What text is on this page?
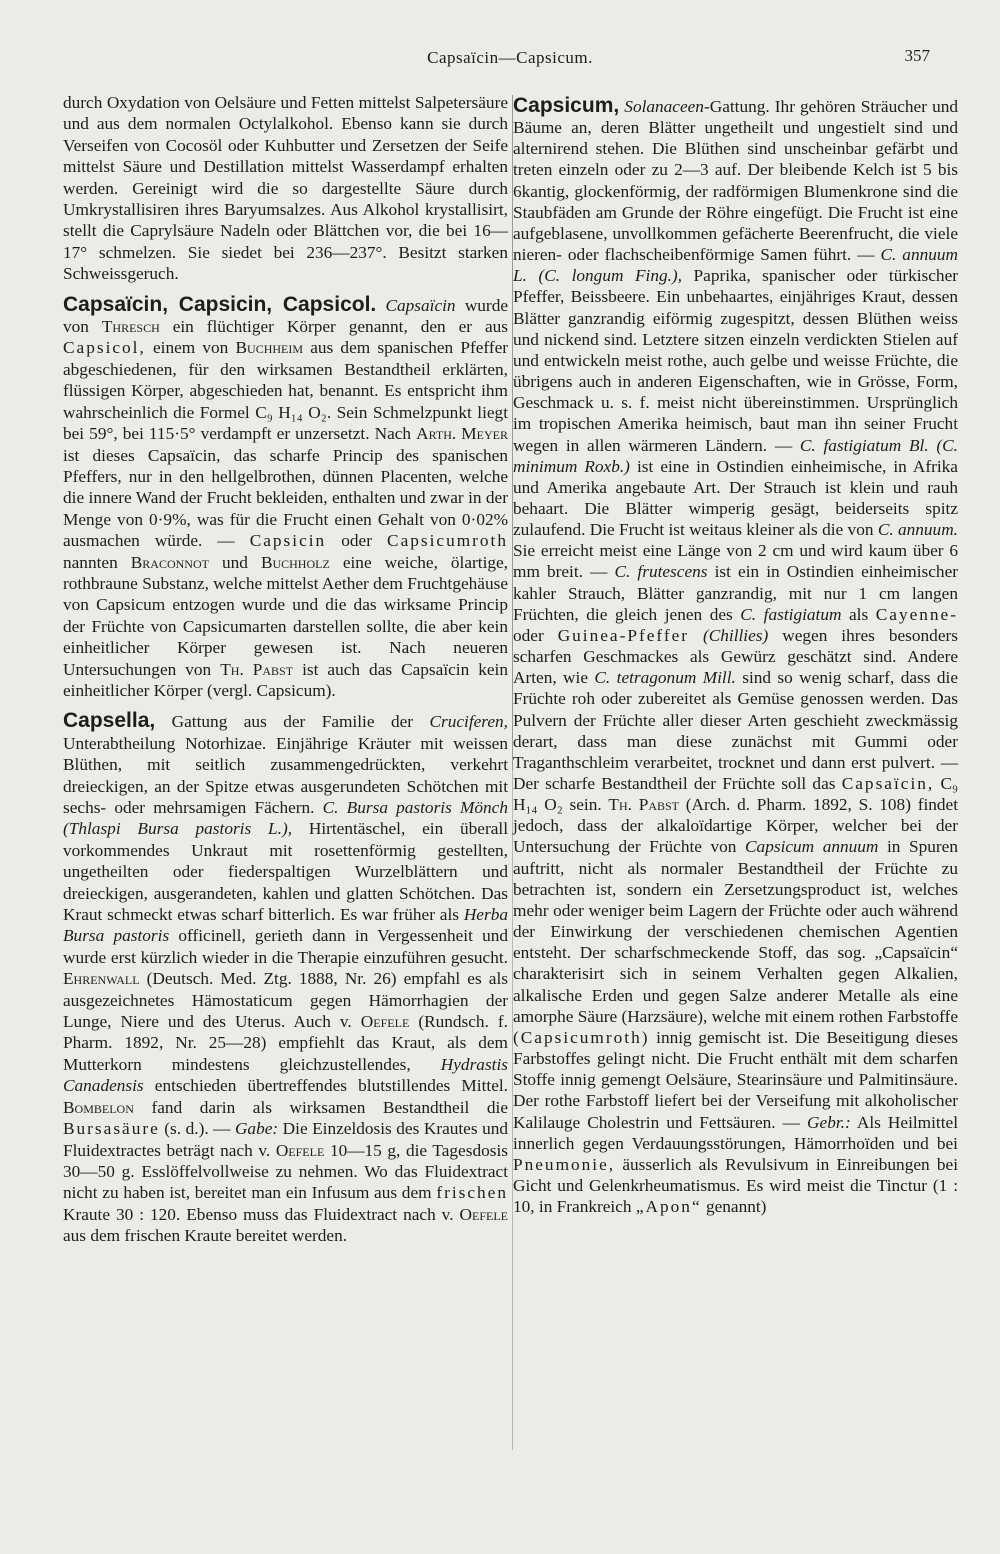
Capsaïcin—Capsicum.	357

durch Oxydation von Oelsäure und Fetten mittelst Salpetersäure und aus dem normalen Octylalkohol. Ebenso kann sie durch Verseifen von Cocosöl oder Kuhbutter und Zersetzen der Seife mittelst Säure und Destillation mittelst Wasserdampf erhalten werden. Gereinigt wird die so dargestellte Säure durch Umkrystallisiren ihres Baryumsalzes. Aus Alkohol krystallisirt, stellt die Caprylsäure Nadeln oder Blättchen vor, die bei 16—17° schmelzen. Sie siedet bei 236—237°. Besitzt starken Schweissgeruch.

Capsaïcin, Capsicin, Capsicol. Capsaïcin wurde von Thresch ein flüchtiger Körper genannt, den er aus Capsicol, einem von Buchheim aus dem spanischen Pfeffer abgeschiedenen, für den wirksamen Bestandtheil erklärten, flüssigen Körper, abgeschieden hat, benannt. Es entspricht ihm wahrscheinlich die Formel C₉ H₁₄ O₂. Sein Schmelzpunkt liegt bei 59°, bei 115·5° verdampft er unzersetzt. Nach Arth. Meyer ist dieses Capsaïcin, das scharfe Princip des spanischen Pfeffers, nur in den hellgelbrothen, dünnen Placenten, welche die innere Wand der Frucht bekleiden, enthalten und zwar in der Menge von 0·9%, was für die Frucht einen Gehalt von 0·02% ausmachen würde. — Capsicin oder Capsicumroth nannten Braconnot und Buchholz eine weiche, ölartige, rothbraune Substanz, welche mittelst Aether dem Fruchtgehäuse von Capsicum entzogen wurde und die das wirksame Princip der Früchte von Capsicumarten darstellen sollte, die aber kein einheitlicher Körper gewesen ist. Nach neueren Untersuchungen von Th. Pabst ist auch das Capsaïcin kein einheitlicher Körper (vergl. Capsicum).

Capsella, Gattung aus der Familie der Cruciferen, Unterabtheilung Notorhizae. Einjährige Kräuter mit weissen Blüthen, mit seitlich zusammengedrückten, verkehrt dreieckigen, an der Spitze etwas ausgerundeten Schötchen mit sechs- oder mehrsamigen Fächern. C. Bursa pastoris Mönch (Thlaspi Bursa pastoris L.), Hirtentäschel, ein überall vorkommendes Unkraut mit rosettenförmig gestellten, ungetheilten oder fiederspaltigen Wurzelblättern und dreieckigen, ausgerandeten, kahlen und glatten Schötchen. Das Kraut schmeckt etwas scharf bitterlich. Es war früher als Herba Bursa pastoris officinell, gerieth dann in Vergessenheit und wurde erst kürzlich wieder in die Therapie einzuführen gesucht. Ehrenwall (Deutsch. Med. Ztg. 1888, Nr. 26) empfahl es als ausgezeichnetes Hämostaticum gegen Hämorrhagien der Lunge, Niere und des Uterus. Auch v. Oefele (Rundsch. f. Pharm. 1892, Nr. 25—28) empfiehlt das Kraut, als dem Mutterkorn mindestens gleichzustellendes, Hydrastis Canadensis entschieden übertreffendes blutstillendes Mittel. Bombelon fand darin als wirksamen Bestandtheil die Bursasäure (s. d.). — Gabe: Die Einzeldosis des Krautes und Fluidextractes beträgt nach v. Oefele 10—15 g, die Tagesdosis 30—50 g. Esslöffelvollweise zu nehmen. Wo das Fluidextract nicht zu haben ist, bereitet man ein Infusum aus dem frischen Kraute 30 : 120. Ebenso muss das Fluidextract nach v. Oefele aus dem frischen Kraute bereitet werden.

Capsicum, Solanaceen-Gattung. Ihr gehören Sträucher und Bäume an, deren Blätter ungetheilt und ungestielt sind und alternirend stehen. Die Blüthen sind unscheinbar gefärbt und treten einzeln oder zu 2—3 auf. Der bleibende Kelch ist 5 bis 6kantig, glockenförmig, der radförmigen Blumenkrone sind die Staubfäden am Grunde der Röhre eingefügt. Die Frucht ist eine aufgeblasene, unvollkommen gefächerte Beerenfrucht, die viele nieren- oder flachscheibenförmige Samen führt. — C. annuum L. (C. longum Fing.), Paprika, spanischer oder türkischer Pfeffer, Beissbeere. Ein unbehaartes, einjähriges Kraut, dessen Blätter ganzrandig eiförmig zugespitzt, dessen Blüthen weiss und nickend sind. Letztere sitzen einzeln verdickten Stielen auf und entwickeln meist rothe, auch gelbe und weisse Früchte, die übrigens auch in anderen Eigenschaften, wie in Grösse, Form, Geschmack u. s. f. meist nicht übereinstimmen. Ursprünglich im tropischen Amerika heimisch, baut man ihn seiner Frucht wegen in allen wärmeren Ländern. — C. fastigiatum Bl. (C. minimum Roxb.) ist eine in Ostindien einheimische, in Afrika und Amerika angebaute Art. Der Strauch ist klein und rauh behaart. Die Blätter wimperig gesägt, beiderseits spitz zulaufend. Die Frucht ist weitaus kleiner als die von C. annuum. Sie erreicht meist eine Länge von 2 cm und wird kaum über 6 mm breit. — C. frutescens ist ein in Ostindien einheimischer kahler Strauch, Blätter ganzrandig, mit nur 1 cm langen Früchten, die gleich jenen des C. fastigiatum als Cayenne- oder Guinea-Pfeffer (Chillies) wegen ihres besonders scharfen Geschmackes als Gewürz geschätzt sind. Andere Arten, wie C. tetragonum Mill. sind so wenig scharf, dass die Früchte roh oder zubereitet als Gemüse genossen werden. Das Pulvern der Früchte aller dieser Arten geschieht zweckmässig derart, dass man diese zunächst mit Gummi oder Traganthschleim verarbeitet, trocknet und dann erst pulvert. — Der scharfe Bestandtheil der Früchte soll das Capsaïcin, C₉ H₁₄ O₂ sein. Th. Pabst (Arch. d. Pharm. 1892, S. 108) findet jedoch, dass der alkaloïdartige Körper, welcher bei der Untersuchung der Früchte von Capsicum annuum in Spuren auftritt, nicht als normaler Bestandtheil der Früchte zu betrachten ist, sondern ein Zersetzungsproduct ist, welches mehr oder weniger beim Lagern der Früchte oder auch während der Einwirkung der verschiedenen chemischen Agentien entsteht. Der scharfschmeckende Stoff, das sog. „Capsaïcin“ charakterisirt sich in seinem Verhalten gegen Alkalien, alkalische Erden und gegen Salze anderer Metalle als eine amorphe Säure (Harzsäure), welche mit einem rothen Farbstoffe (Capsicumroth) innig gemischt ist. Die Beseitigung dieses Farbstoffes gelingt nicht. Die Frucht enthält mit dem scharfen Stoffe innig gemengt Oelsäure, Stearinsäure und Palmitinsäure. Der rothe Farbstoff liefert bei der Verseifung mit alkoholischer Kalilauge Cholestrin und Fettsäuren. — Gebr.: Als Heilmittel innerlich gegen Verdauungsstörungen, Hämorrhoïden und bei Pneumonie, äusserlich als Revulsivum in Einreibungen bei Gicht und Gelenkrheumatismus. Es wird meist die Tinctur (1 : 10, in Frankreich „Apon“ genannt)
